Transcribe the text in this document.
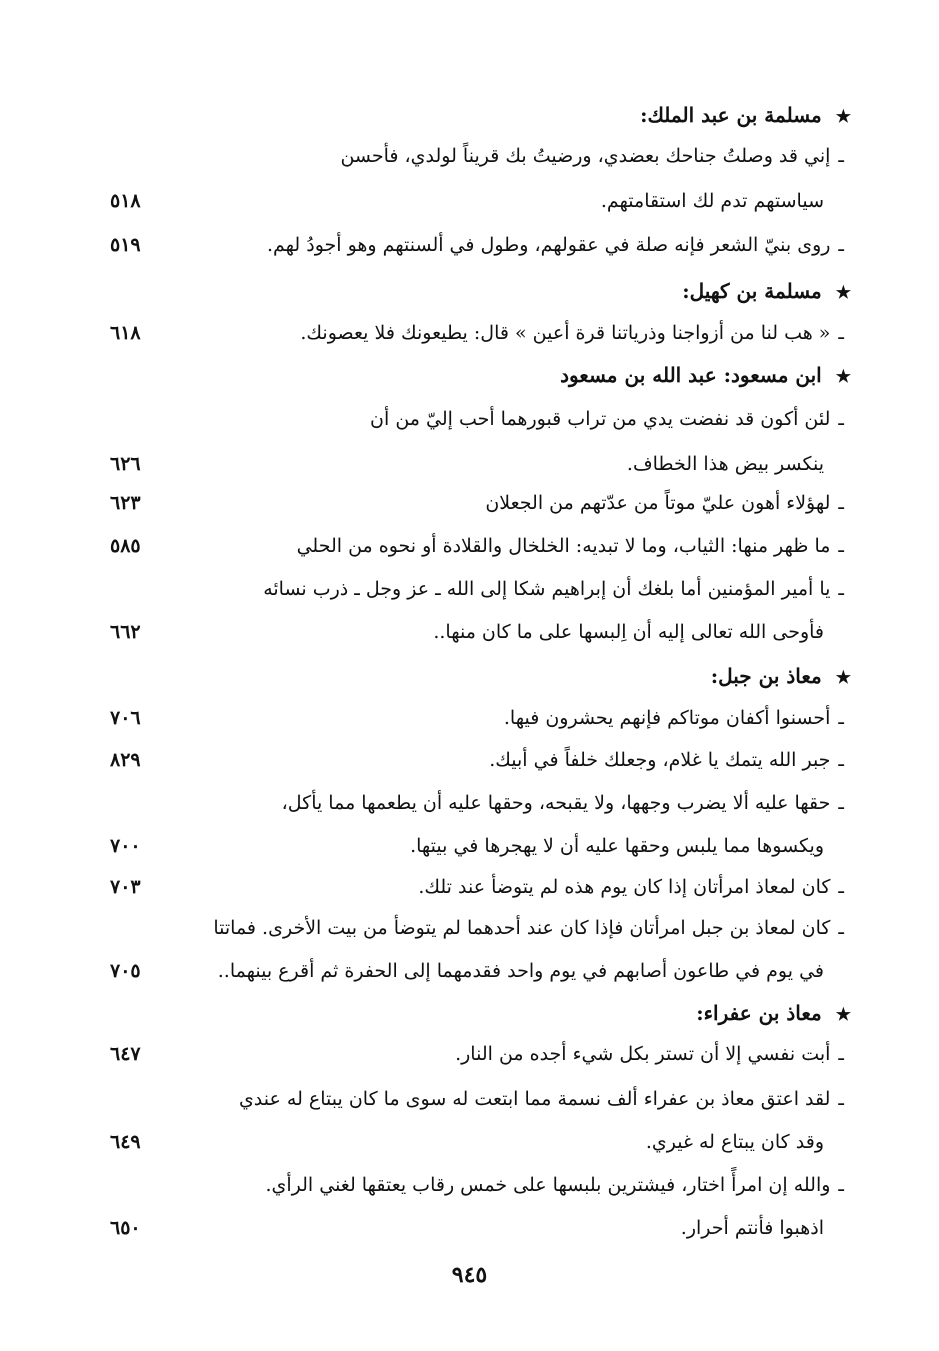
★مسلمة بن عبد الملك:
ـإني قد وصلتُ جناحك بعضدي، ورضيتُ بك قريناً لولدي، فأحسن
سياستهم تدم لك استقامتهم.
٥١٨
ـروى بنيّ الشعر فإنه صلة في عقولهم، وطول في ألسنتهم وهو أجودُ لهم.
٥١٩
★مسلمة بن كهيل:
ـ« هب لنا من أزواجنا وذرياتنا قرة أعين » قال: يطيعونك فلا يعصونك.
٦١٨
★ابن مسعود: عبد الله بن مسعود
ـلئن أكون قد نفضت يدي من تراب قبورهما أحب إليّ من أن
ينكسر بيض هذا الخطاف.
٦٢٦
ـلهؤلاء أهون عليّ موتاً من عدّتهم من الجعلان
٦٢٣
ـما ظهر منها: الثياب، وما لا تبديه: الخلخال والقلادة أو نحوه من الحلي
٥٨٥
ـيا أمير المؤمنين أما بلغك أن إبراهيم شكا إلى الله ـ عز وجل ـ ذرب نسائه
فأوحى الله تعالى إليه أن اِلبسها على ما كان منها..
٦٦٢
★معاذ بن جبل:
ـأحسنوا أكفان موتاكم فإنهم يحشرون فيها.
٧٠٦
ـجبر الله يتمك يا غلام، وجعلك خلفاً في أبيك.
٨٢٩
ـحقها عليه ألا يضرب وجهها، ولا يقبحه، وحقها عليه أن يطعمها مما يأكل،
ويكسوها مما يلبس وحقها عليه أن لا يهجرها في بيتها.
٧٠٠
ـكان لمعاذ امرأتان إذا كان يوم هذه لم يتوضأ عند تلك.
٧٠٣
ـكان لمعاذ بن جبل امرأتان فإذا كان عند أحدهما لم يتوضأ من بيت الأخرى. فماتتا
في يوم في طاعون أصابهم في يوم واحد فقدمهما إلى الحفرة ثم أقرع بينهما..
٧٠٥
★معاذ بن عفراء:
ـأبت نفسي إلا أن تستر بكل شيء أجده من النار.
٦٤٧
ـلقد اعتق معاذ بن عفراء ألف نسمة مما ابتعت له سوى ما كان يبتاع له عندي
وقد كان يبتاع له غيري.
٦٤٩
ـوالله إن امرأً اختار، فيشترين بلبسها على خمس رقاب يعتقها لغني الرأي.
اذهبوا فأنتم أحرار.
٦٥٠
٩٤٥
